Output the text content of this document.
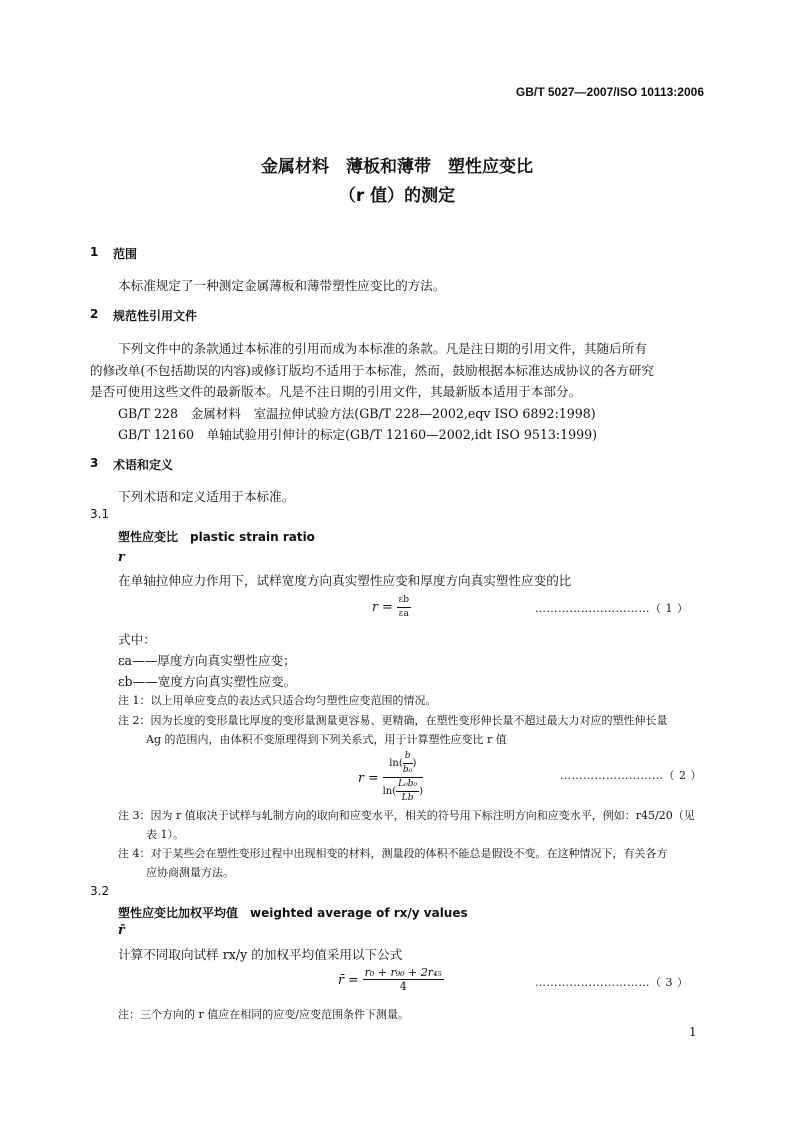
GB/T 5027—2007/ISO 10113:2006
金属材料　薄板和薄带　塑性应变比
（r 值）的测定
1 范围
本标准规定了一种测定金属薄板和薄带塑性应变比的方法。
2 规范性引用文件
下列文件中的条款通过本标准的引用而成为本标准的条款。凡是注日期的引用文件，其随后所有
的修改单(不包括勘误的内容)或修订版均不适用于本标准，然而，鼓励根据本标准达成协议的各方研究
是否可使用这些文件的最新版本。凡是不注日期的引用文件，其最新版本适用于本部分。
GB/T 228　金属材料　室温拉伸试验方法(GB/T 228—2002,eqv ISO 6892:1998)
GB/T 12160　单轴试验用引伸计的标定(GB/T 12160—2002,idt ISO 9513:1999)
3 术语和定义
下列术语和定义适用于本标准。
3.1
塑性应变比　plastic strain ratio
r
在单轴拉伸应力作用下，试样宽度方向真实塑性应变和厚度方向真实塑性应变的比
$r = \frac{\varepsilon b}{\varepsilon a}$	…………………………（ 1 ）
式中：
εa——厚度方向真实塑性应变；
εb——宽度方向真实塑性应变。
注 1：以上用单应变点的表达式只适合均匀塑性应变范围的情况。
注 2：因为长度的变形量比厚度的变形量测量更容易、更精确，在塑性变形伸长量不超过最大力对应的塑性伸长量
Ag 的范围内，由体积不变原理得到下列关系式，用于计算塑性应变比 r 值
$r = \frac{\ln( \frac{b}{\text{b₀}} )}{\ln( \frac{\text{L₀b₀}}{Lb} )}$	………………………（ 2 ）
注 3：因为 r 值取决于试样与轧制方向的取向和应变水平，相关的符号用下标注明方向和应变水平，例如：r45/20（见
表 1）。
注 4：对于某些会在塑性变形过程中出现相变的材料，测量段的体积不能总是假设不变。在这种情况下，有关各方
应协商测量方法。
3.2
塑性应变比加权平均值　weighted average of rx/y values
r̄
计算不同取向试样 rx/y 的加权平均值采用以下公式
r̄ = $\frac{\text{r₀ + r₉₀ + 2r₄₅}}{4}$	…………………………（ 3 ）
注：三个方向的 r 值应在相同的应变/应变范围条件下测量。
1
